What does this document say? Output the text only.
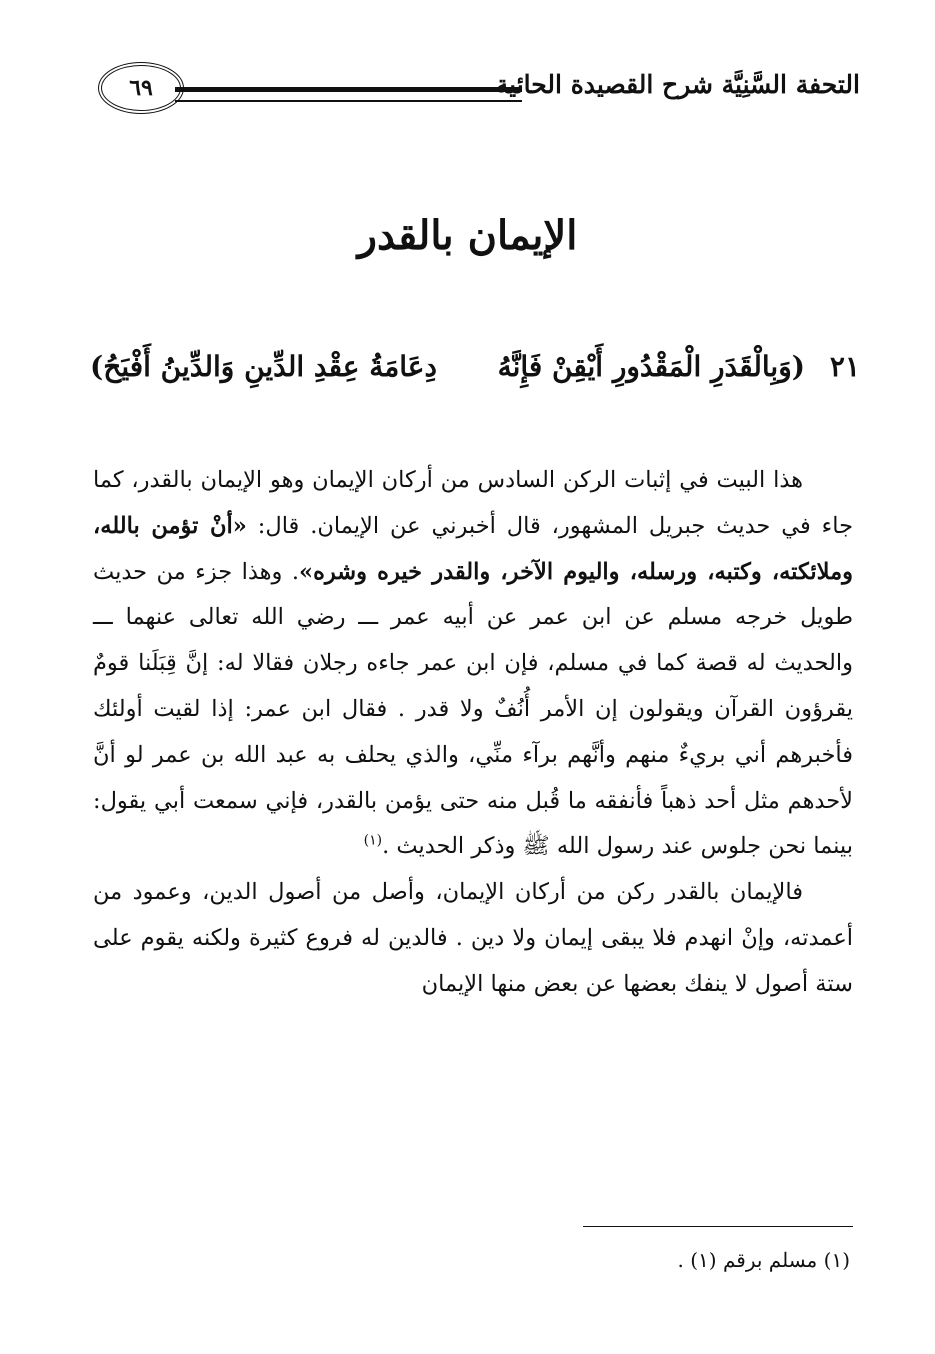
التحفة السَّنِيَّة شرح القصيدة الحائية
٦٩
الإيمان بالقدر
٢١
(وَبِالْقَدَرِ الْمَقْدُورِ أَيْقِنْ فَإِنَّهُ
دِعَامَةُ عِقْدِ الدِّينِ وَالدِّينُ أَفْيَحُ)

هذا البيت في إثبات الركن السادس من أركان الإيمان وهو الإيمان بالقدر، كما جاء في حديث جبريل المشهور، قال أخبرني عن الإيمان. قال: «أنْ تؤمن بالله، وملائكته، وكتبه، ورسله، واليوم الآخر، والقدر خيره وشره». وهذا جزء من حديث طويل خرجه مسلم عن ابن عمر عن أبيه عمر ـــ رضي الله تعالى عنهما ـــ والحديث له قصة كما في مسلم، فإن ابن عمر جاءه رجلان فقالا له: إنَّ قِبَلَنا قومٌ يقرؤون القرآن ويقولون إن الأمر أُنُفٌ ولا قدر . فقال ابن عمر: إذا لقيت أولئك فأخبرهم أني بريءٌ منهم وأنَّهم برآء منِّي، والذي يحلف به عبد الله بن عمر لو أنَّ لأحدهم مثل أحد ذهباً فأنفقه ما قُبل منه حتى يؤمن بالقدر، فإني سمعت أبي يقول: بينما نحن جلوس عند رسول الله ﷺ وذكر الحديث .$^{(١)}$

فالإيمان بالقدر ركن من أركان الإيمان، وأصل من أصول الدين، وعمود من أعمدته، وإنْ انهدم فلا يبقى إيمان ولا دين . فالدين له فروع كثيرة ولكنه يقوم على ستة أصول لا ينفك بعضها عن بعض منها الإيمان

(١) مسلم برقم (١) .
